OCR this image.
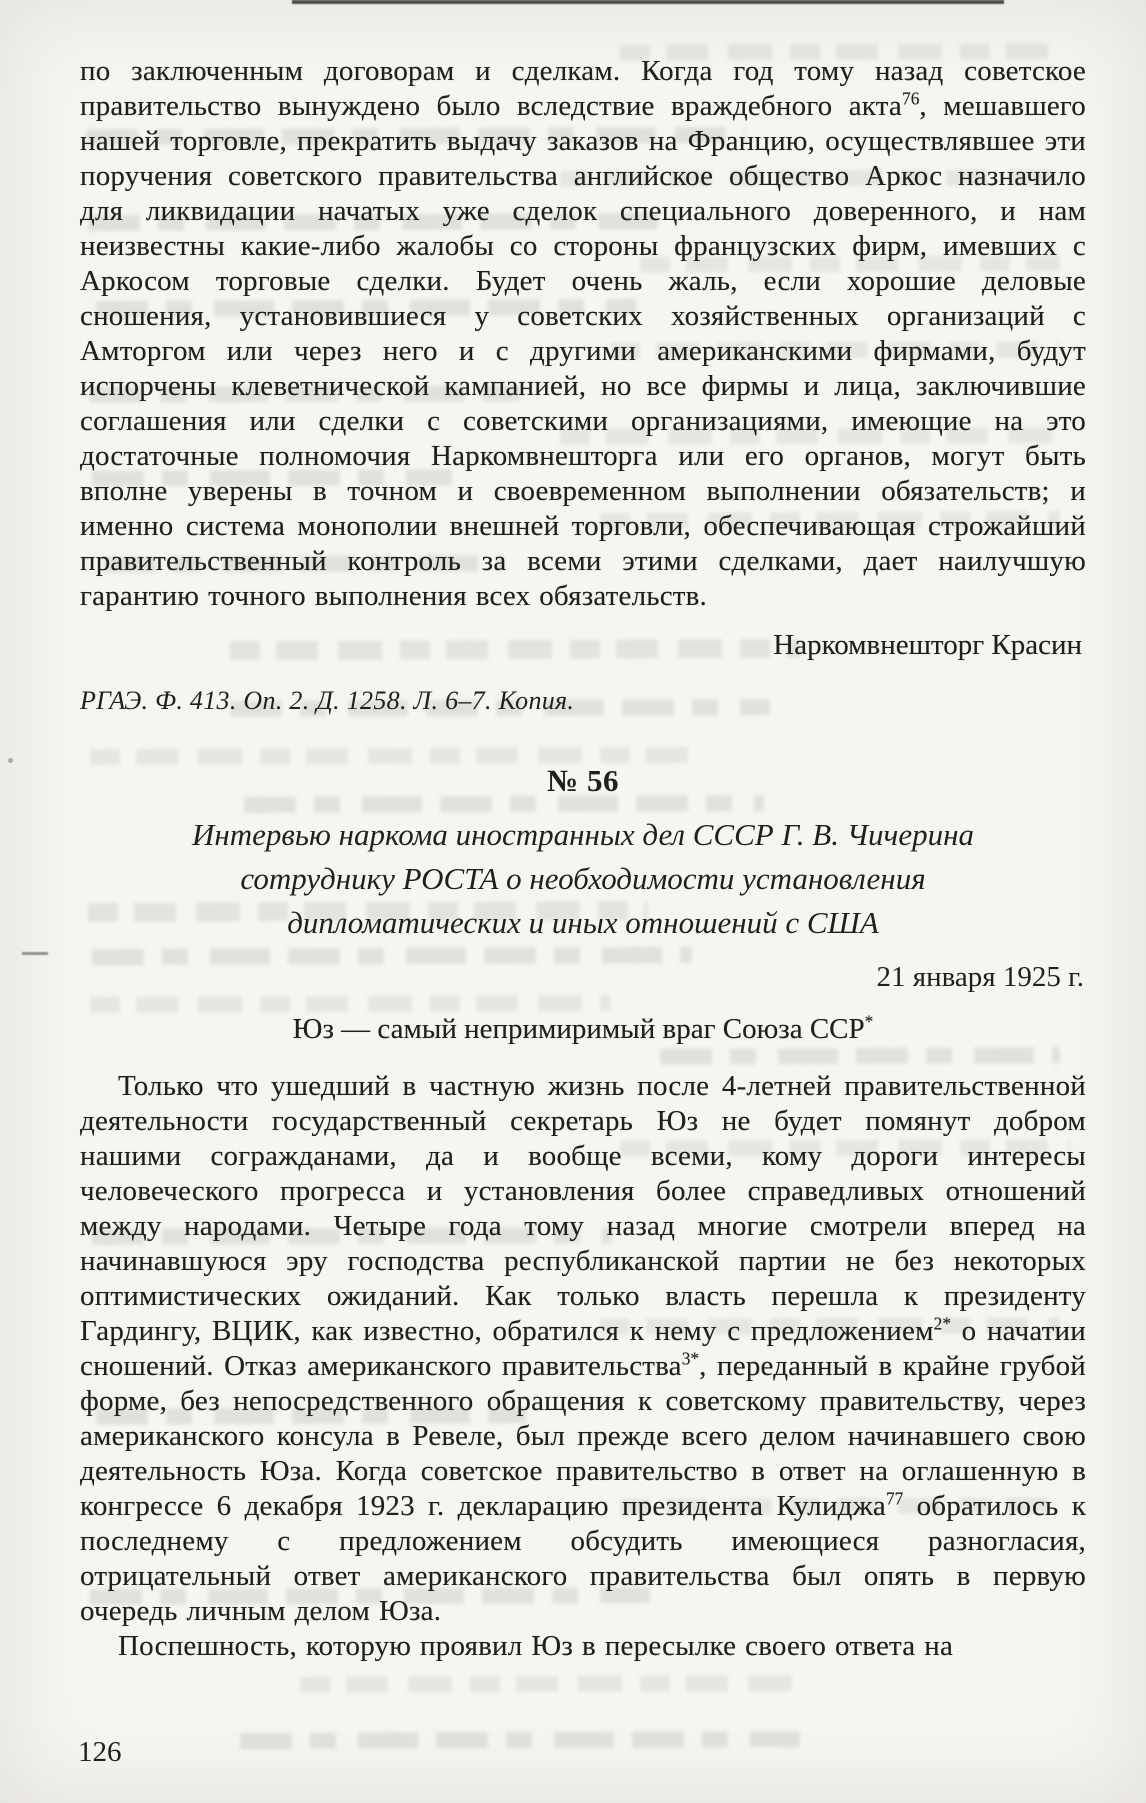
по заключенным договорам и сделкам. Когда год тому назад советское правительство вынуждено было вследствие враждебного акта$^{76}$, мешавшего нашей торговле, прекратить выдачу заказов на Францию, осуществлявшее эти поручения советского правительства английское общество Аркос назначило для ликвидации начатых уже сделок специального доверенного, и нам неизвестны какие-либо жалобы со стороны французских фирм, имевших с Аркосом торговые сделки. Будет очень жаль, если хорошие деловые сношения, установившиеся у советских хозяйственных организаций с Амторгом или через него и с другими американскими фирмами, будут испорчены клеветнической кампанией, но все фирмы и лица, заключившие соглашения или сделки с советскими организациями, имеющие на это достаточные полномочия Наркомвнешторга или его органов, могут быть вполне уверены в точном и своевременном выполнении обязательств; и именно система монополии внешней торговли, обеспечивающая строжайший правительственный контроль за всеми этими сделками, дает наилучшую гарантию точного выполнения всех обязательств.

Наркомвнешторг Красин
РГАЭ. Ф. 413. Оп. 2. Д. 1258. Л. 6–7. Копия.
№ 56
Интервью наркома иностранных дел СССР Г. В. Чичерина
сотруднику РОСТА о необходимости установления
дипломатических и иных отношений с США
21 января 1925 г.
Юз — самый непримиримый враг Союза ССР*

Только что ушедший в частную жизнь после 4-летней правительственной деятельности государственный секретарь Юз не будет помянут добром нашими согражданами, да и вообще всеми, кому дороги интересы человеческого прогресса и установления более справедливых отношений между народами. Четыре года тому назад многие смотрели вперед на начинавшуюся эру господства республиканской партии не без некоторых оптимистических ожиданий. Как только власть перешла к президенту Гардингу, ВЦИК, как известно, обратился к нему с предложением$^{2*}$ о начатии сношений. Отказ американского правительства$^{3*}$, переданный в крайне грубой форме, без непосредственного обращения к советскому правительству, через американского консула в Ревеле, был прежде всего делом начинавшего свою деятельность Юза. Когда советское правительство в ответ на оглашенную в конгрессе 6 декабря 1923 г. декларацию президента Кулиджа$^{77}$ обратилось к последнему с предложением обсудить имеющиеся разногласия, отрицательный ответ американского правительства был опять в первую очередь личным делом Юза.

Поспешность, которую проявил Юз в пересылке своего ответа на

126
